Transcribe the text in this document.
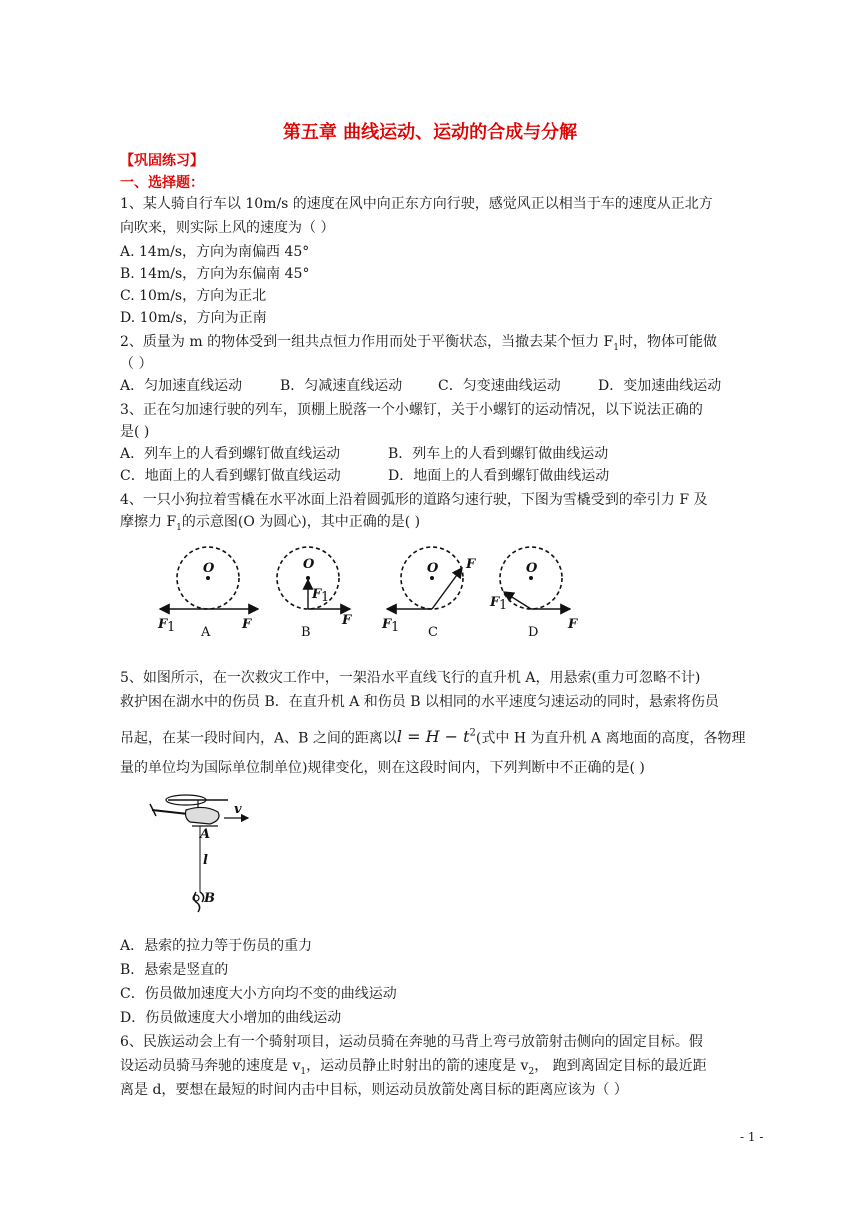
第五章 曲线运动、运动的合成与分解
【巩固练习】
一、选择题：
1、某人骑自行车以 10m/s 的速度在风中向正东方向行驶，感觉风正以相当于车的速度从正北方
向吹来，则实际上风的速度为（ ）
A. 14m/s，方向为南偏西 45°
B. 14m/s，方向为东偏南 45°
C. 10m/s，方向为正北
D. 10m/s，方向为正南
2、质量为 m 的物体受到一组共点恒力作用而处于平衡状态，当撤去某个恒力 $F_1$时，物体可能做
（ ）
A．匀加速直线运动	B．匀减速直线运动	C．匀变速曲线运动	D．变加速曲线运动
3、正在匀加速行驶的列车，顶棚上脱落一个小螺钉，关于小螺钉的运动情况，以下说法正确的
是( )
A．列车上的人看到螺钉做直线运动	B．列车上的人看到螺钉做曲线运动
C．地面上的人看到螺钉做直线运动	D．地面上的人看到螺钉做曲线运动
4、一只小狗拉着雪橇在水平冰面上沿着圆弧形的道路匀速行驶，下图为雪橇受到的牵引力 F 及
摩擦力 $F_1$的示意图(O 为圆心)，其中正确的是( )
O
F 1	F
A
O
F 1
F
B
O
F 1
F
C
O
F 1
F
D
5、如图所示，在一次救灾工作中，一架沿水平直线飞行的直升机 A，用悬索(重力可忽略不计)
救护困在湖水中的伤员 B．在直升机 A 和伤员 B 以相同的水平速度匀速运动的同时，悬索将伤员
吊起，在某一段时间内，A、B 之间的距离以$l = H - t^2$(式中 H 为直升机 A 离地面的高度，各物理
量的单位均为国际单位制单位)规律变化，则在这段时间内，下列判断中不正确的是( )
v
A
l
B
A．悬索的拉力等于伤员的重力
B．悬索是竖直的
C．伤员做加速度大小方向均不变的曲线运动
D．伤员做速度大小增加的曲线运动
6、民族运动会上有一个骑射项目，运动员骑在奔驰的马背上弯弓放箭射击侧向的固定目标。假
设运动员骑马奔驰的速度是 $v_1$，运动员静止时射出的箭的速度是 $v_2$， 跑到离固定目标的最近距
离是 d，要想在最短的时间内击中目标，则运动员放箭处离目标的距离应该为（ ）
- 1 -
